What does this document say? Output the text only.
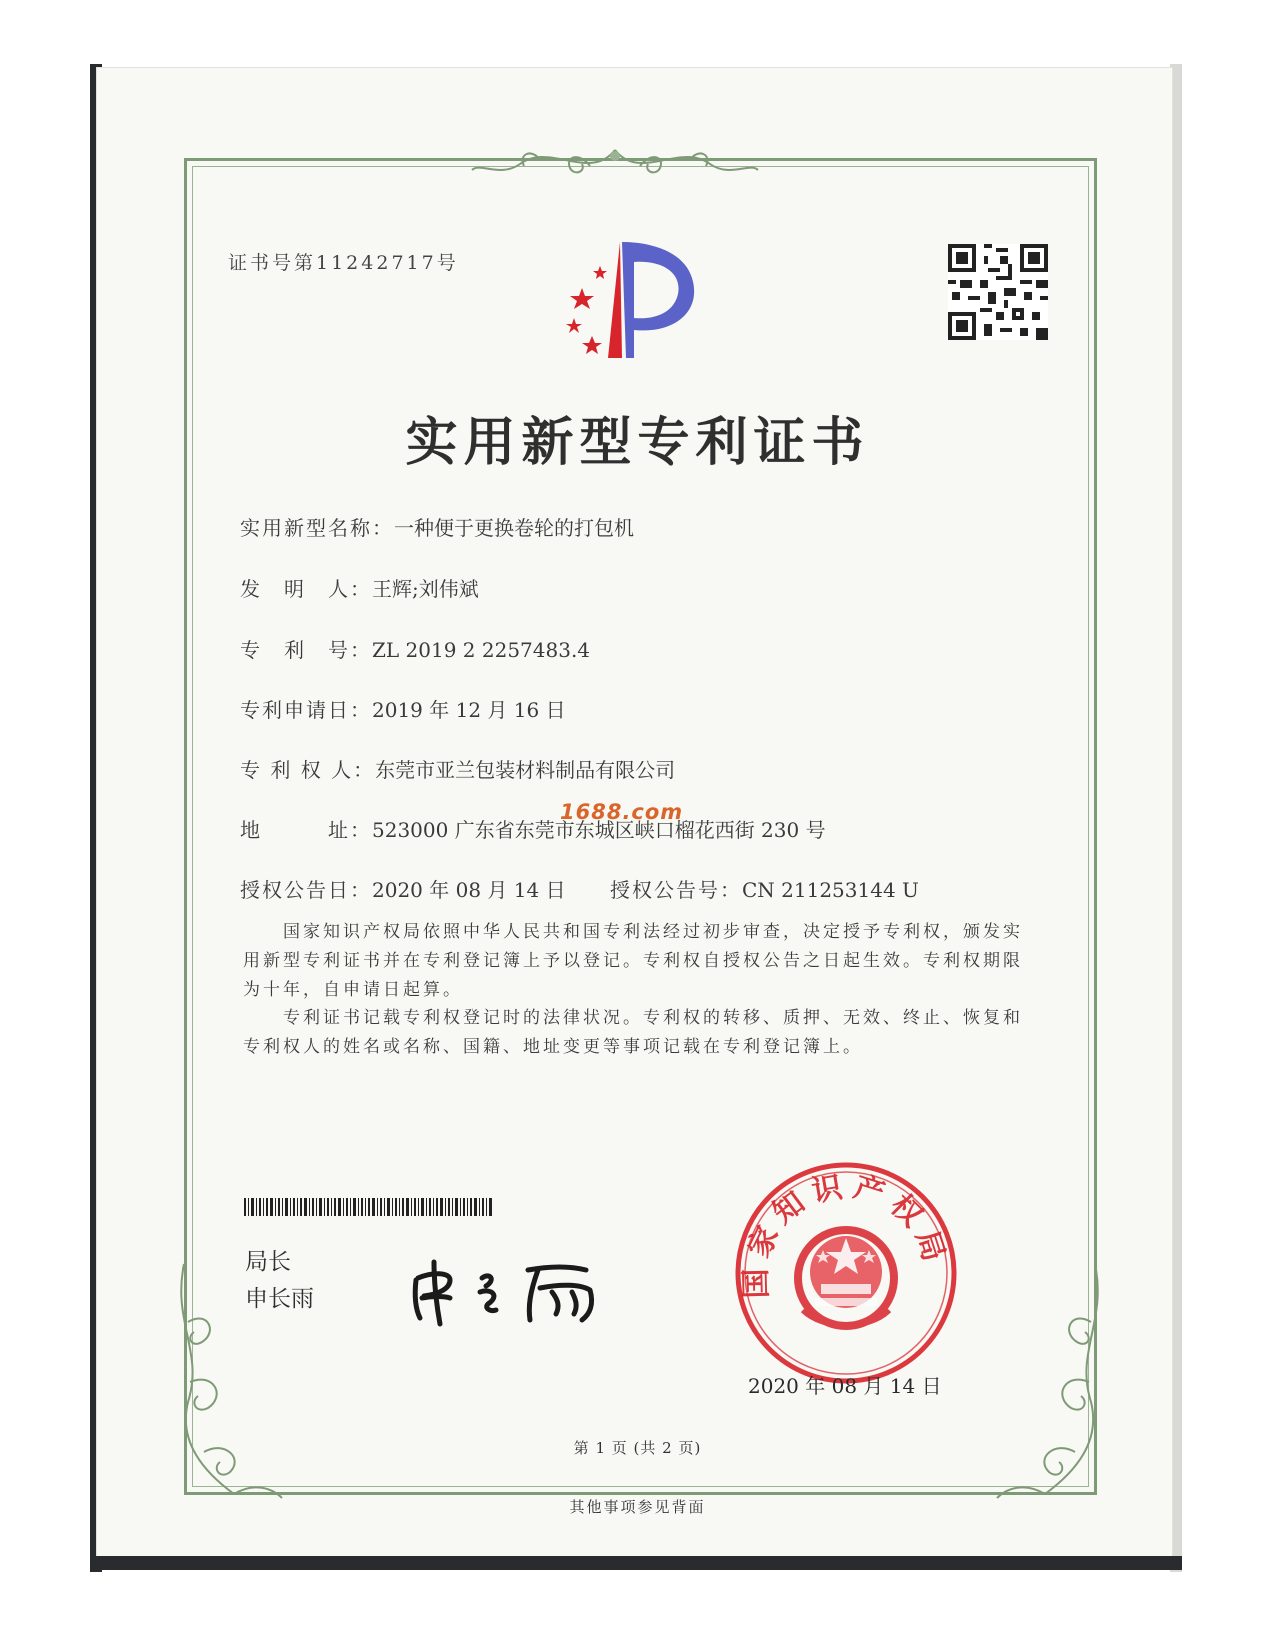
证书号第11242717号
实用新型专利证书
实用新型名称：一种便于更换卷轮的打包机
发　明　人：王辉;刘伟斌
专　利　号：ZL 2019 2 2257483.4
专利申请日：2019 年 12 月 16 日
专 利 权 人：东莞市亚兰包装材料制品有限公司
1688.com
地　　　址：523000 广东省东莞市东城区峡口榴花西街 230 号
授权公告日：2020 年 08 月 14 日 授权公告号：CN 211253144 U

国家知识产权局依照中华人民共和国专利法经过初步审查，决定授予专利权，颁发实用新型专利证书并在专利登记簿上予以登记。专利权自授权公告之日起生效。专利权期限为十年，自申请日起算。

专利证书记载专利权登记时的法律状况。专利权的转移、质押、无效、终止、恢复和专利权人的姓名或名称、国籍、地址变更等事项记载在专利登记簿上。

局长
申长雨
国家知识产权局
2020 年 08 月 14 日
第 1 页 (共 2 页)
其他事项参见背面
